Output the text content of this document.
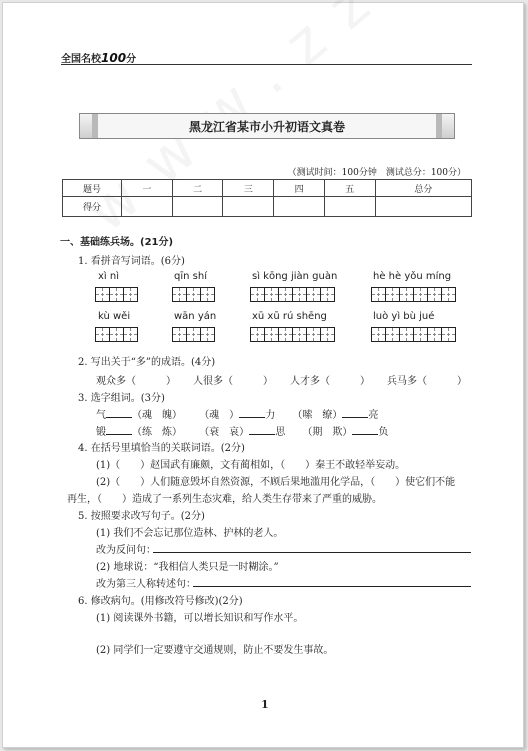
全国名校100分
黑龙江省某市小升初语文真卷
（测试时间：100分钟　测试总分：100分）
题号	一	二	三	四	五	总分
得分						
一、基础练兵场。(21分)
1. 看拼音写词语。(6分)
xì nì	qīn shí	sì kōng jiàn guàn	hè hè yǒu míng
kù wěi	wān yán	xū xū rú shēng	luò yì bù jué
2. 写出关于“多”的成语。(4分)
观众多（　　　） 人很多（　　　） 人才多（　　　） 兵马多（　　　）
3. 选字组词。(3分)
气	（魂　魄） （魂　）	力 （嗦　缭）	亮
锻	（练　炼） （衰　哀）	思 （期　欺）	负
4. 在括号里填恰当的关联词语。(2分)
(1)（　　）赵国武有廉颇，文有蔺相如，（　　）秦王不敢轻举妄动。
(2)（　　）人们随意毁坏自然资源，不顾后果地滥用化学品，（　　）使它们不能
再生，（　　）造成了一系列生态灾难，给人类生存带来了严重的威胁。
5. 按照要求改写句子。(2分)
(1) 我们不会忘记那位造林、护林的老人。
改为反问句：
(2) 地球说：“我相信人类只是一时糊涂。”
改为第三人称转述句：
6. 修改病句。(用修改符号修改)(2分)
(1) 阅读课外书籍，可以增长知识和写作水平。
(2) 同学们一定要遵守交通规则，防止不要发生事故。
1
